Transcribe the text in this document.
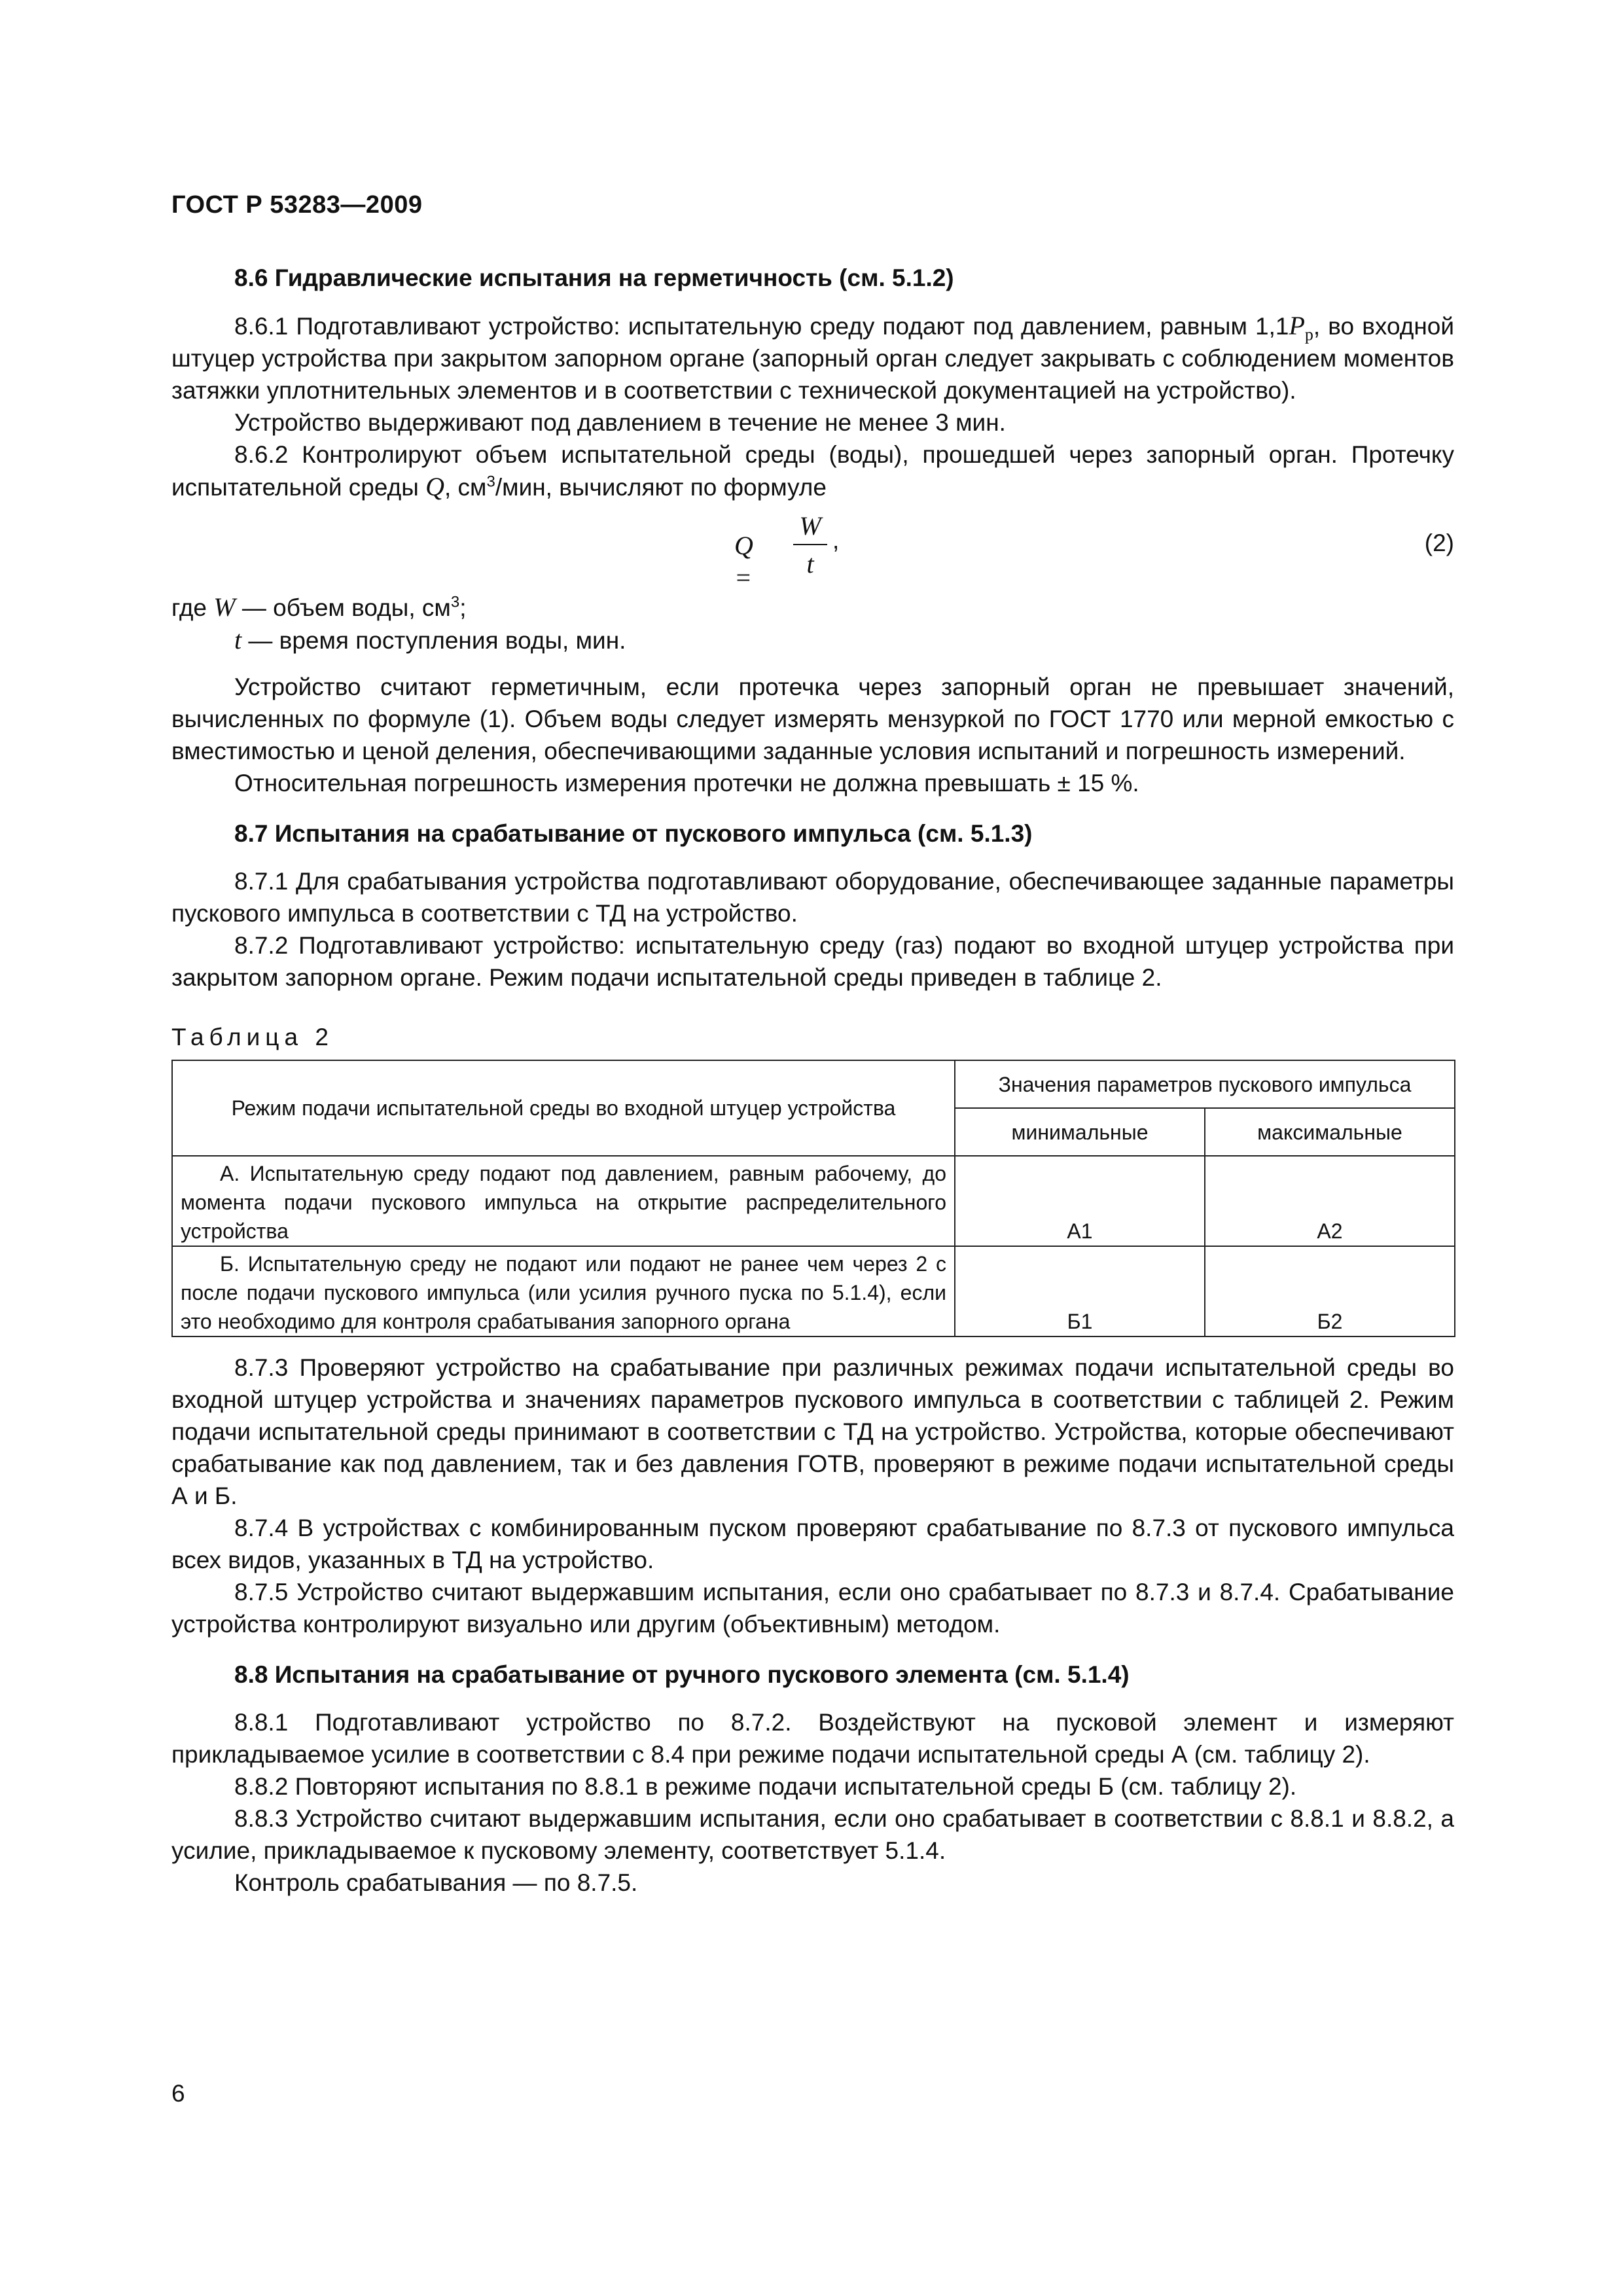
ГОСТ Р 53283—2009

8.6 Гидравлические испытания на герметичность (см. 5.1.2)

8.6.1 Подготавливают устройство: испытательную среду подают под давлением, равным $1,1P_р$, во входной штуцер устройства при закрытом запорном органе (запорный орган следует закрывать с соблюдением моментов затяжки уплотнительных элементов и в соответствии с технической документацией на устройство).

Устройство выдерживают под давлением в течение не менее 3 мин.

8.6.2 Контролируют объем испытательной среды (воды), прошедшей через запорный орган. Протечку испытательной среды Q, $см^3$/мин, вычисляют по формуле

Q =
W
t
,	(2)

где W — объем воды, $см^3$;

t — время поступления воды, мин.

Устройство считают герметичным, если протечка через запорный орган не превышает значений, вычисленных по формуле (1). Объем воды следует измерять мензуркой по ГОСТ 1770 или мерной емкостью с вместимостью и ценой деления, обеспечивающими заданные условия испытаний и погрешность измерений.

Относительная погрешность измерения протечки не должна превышать ± 15 %.

8.7 Испытания на срабатывание от пускового импульса (см. 5.1.3)

8.7.1 Для срабатывания устройства подготавливают оборудование, обеспечивающее заданные параметры пускового импульса в соответствии с ТД на устройство.

8.7.2 Подготавливают устройство: испытательную среду (газ) подают во входной штуцер устройства при закрытом запорном органе. Режим подачи испытательной среды приведен в таблице 2.

Таблица 2

Режим подачи испытательной среды во входной штуцер устройства	Значения параметров пускового импульса	
	минимальные	максимальные
А. Испытательную среду подают под давлением, равным рабочему, до момента подачи пускового импульса на открытие распределительного устройства	А1	А2
Б. Испытательную среду не подают или подают не ранее чем через 2 с после подачи пускового импульса (или усилия ручного пуска по 5.1.4), если это необходимо для контроля срабатывания запорного органа	Б1	Б2

8.7.3 Проверяют устройство на срабатывание при различных режимах подачи испытательной среды во входной штуцер устройства и значениях параметров пускового импульса в соответствии с таблицей 2. Режим подачи испытательной среды принимают в соответствии с ТД на устройство. Устройства, которые обеспечивают срабатывание как под давлением, так и без давления ГОТВ, проверяют в режиме подачи испытательной среды А и Б.

8.7.4 В устройствах с комбинированным пуском проверяют срабатывание по 8.7.3 от пускового импульса всех видов, указанных в ТД на устройство.

8.7.5 Устройство считают выдержавшим испытания, если оно срабатывает по 8.7.3 и 8.7.4. Срабатывание устройства контролируют визуально или другим (объективным) методом.

8.8 Испытания на срабатывание от ручного пускового элемента (см. 5.1.4)

8.8.1 Подготавливают устройство по 8.7.2. Воздействуют на пусковой элемент и измеряют прикладываемое усилие в соответствии с 8.4 при режиме подачи испытательной среды А (см. таблицу 2).

8.8.2 Повторяют испытания по 8.8.1 в режиме подачи испытательной среды Б (см. таблицу 2).

8.8.3 Устройство считают выдержавшим испытания, если оно срабатывает в соответствии с 8.8.1 и 8.8.2, а усилие, прикладываемое к пусковому элементу, соответствует 5.1.4.

Контроль срабатывания — по 8.7.5.

6
